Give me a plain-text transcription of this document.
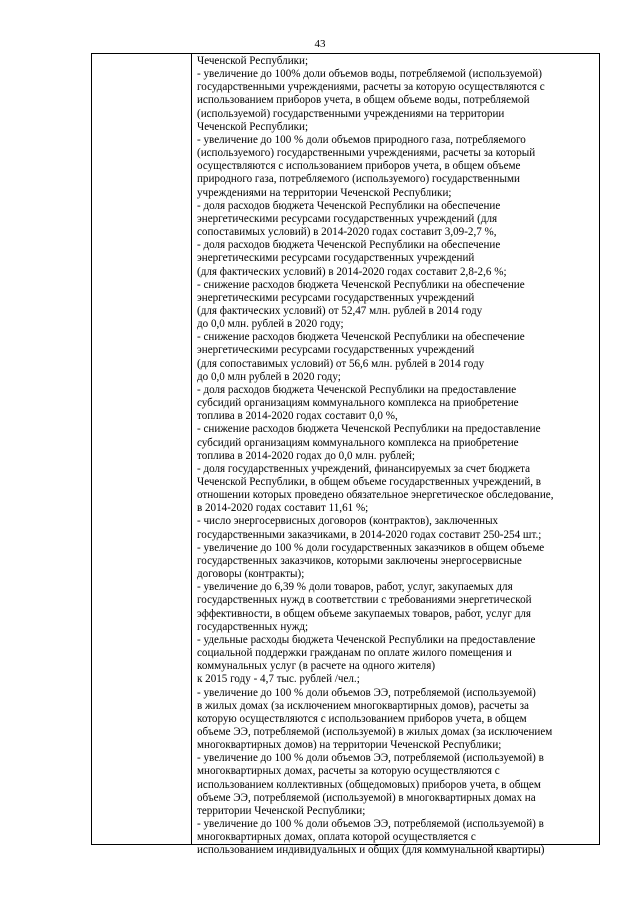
43
Чеченской Республики;
- увеличение до 100% доли объемов воды, потребляемой (используемой)
государственными учреждениями, расчеты за которую осуществляются с
использованием приборов учета, в общем объеме воды, потребляемой
(используемой) государственными учреждениями на территории
Чеченской Республики;
- увеличение до 100 % доли объемов природного газа, потребляемого
(используемого) государственными учреждениями, расчеты за который
осуществляются с использованием приборов учета, в общем объеме
природного газа, потребляемого (используемого) государственными
учреждениями на территории Чеченской Республики;
- доля расходов бюджета Чеченской Республики на обеспечение
энергетическими ресурсами государственных учреждений (для
сопоставимых условий) в 2014-2020 годах составит 3,09-2,7 %,
- доля расходов бюджета Чеченской Республики на обеспечение
энергетическими ресурсами государственных учреждений
(для фактических условий) в 2014-2020 годах составит 2,8-2,6 %;
- снижение расходов бюджета Чеченской Республики на обеспечение
энергетическими ресурсами государственных учреждений
(для фактических условий) от 52,47 млн. рублей в 2014 году
до 0,0 млн. рублей в 2020 году;
- снижение расходов бюджета Чеченской Республики на обеспечение
энергетическими ресурсами государственных учреждений
(для сопоставимых условий) от 56,6 млн. рублей в 2014 году
до 0,0 млн рублей в 2020 году;
- доля расходов бюджета Чеченской Республики на предоставление
субсидий организациям коммунального комплекса на приобретение
топлива в 2014-2020 годах составит 0,0 %,
- снижение расходов бюджета Чеченской Республики на предоставление
субсидий организациям коммунального комплекса на приобретение
топлива в 2014-2020 годах до 0,0 млн. рублей;
- доля государственных учреждений, финансируемых за счет бюджета
Чеченской Республики, в общем объеме государственных учреждений, в
отношении которых проведено обязательное энергетическое обследование,
в 2014-2020 годах составит 11,61 %;
- число энергосервисных договоров (контрактов), заключенных
государственными заказчиками, в 2014-2020 годах составит 250-254 шт.;
- увеличение до 100 % доли государственных заказчиков в общем объеме
государственных заказчиков, которыми заключены энергосервисные
договоры (контракты);
- увеличение до 6,39 % доли товаров, работ, услуг, закупаемых для
государственных нужд в соответствии с требованиями энергетической
эффективности, в общем объеме закупаемых товаров, работ, услуг для
государственных нужд;
- удельные расходы бюджета Чеченской Республики на предоставление
социальной поддержки гражданам по оплате жилого помещения и
коммунальных услуг (в расчете на одного жителя)
к 2015 году - 4,7 тыс. рублей /чел.;
- увеличение до 100 % доли объемов ЭЭ, потребляемой (используемой)
в жилых домах (за исключением многоквартирных домов), расчеты за
которую осуществляются с использованием приборов учета, в общем
объеме ЭЭ, потребляемой (используемой) в жилых домах (за исключением
многоквартирных домов) на территории Чеченской Республики;
- увеличение до 100 % доли объемов ЭЭ, потребляемой (используемой) в
многоквартирных домах, расчеты за которую осуществляются с
использованием коллективных (общедомовых) приборов учета, в общем
объеме ЭЭ, потребляемой (используемой) в многоквартирных домах на
территории Чеченской Республики;
- увеличение до 100 % доли объемов ЭЭ, потребляемой (используемой) в
многоквартирных домах, оплата которой осуществляется с
использованием индивидуальных и общих (для коммунальной квартиры)
